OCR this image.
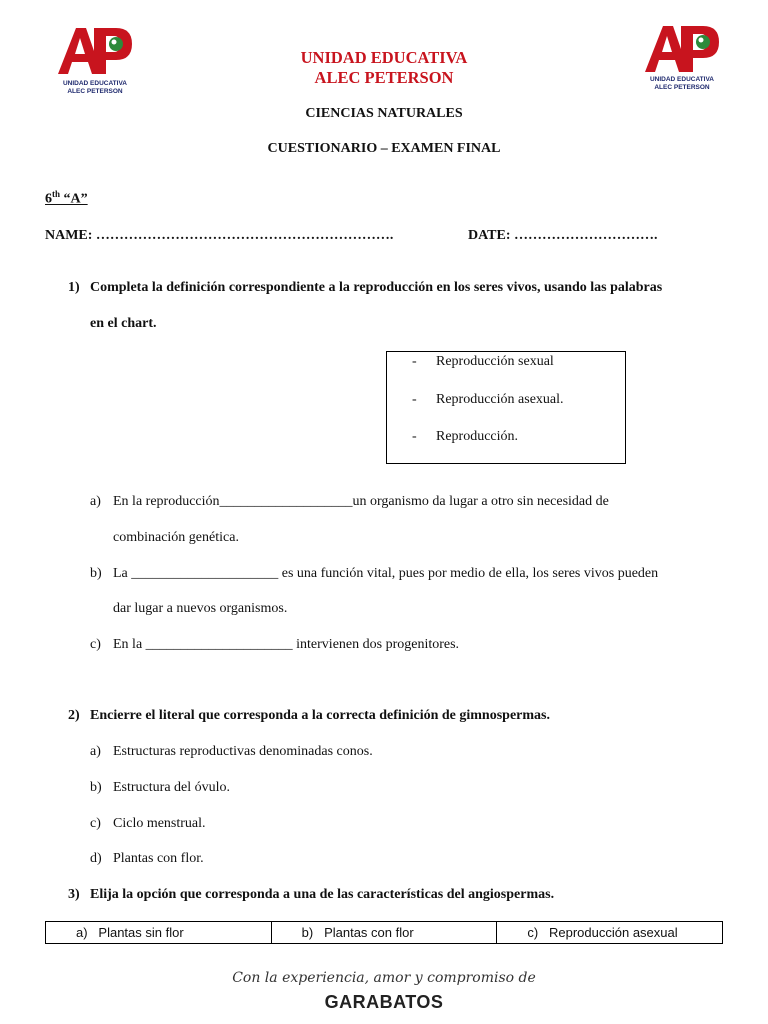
UNIDAD EDUCATIVA
ALEC PETERSON
UNIDAD EDUCATIVA
ALEC PETERSON
UNIDAD EDUCATIVA
ALEC PETERSON
CIENCIAS NATURALES
CUESTIONARIO – EXAMEN FINAL
6th “A”
NAME: ……………………………………………………….	DATE: ………………………….
1) Completa la definición correspondiente a la reproducción en los seres vivos, usando las palabras
en el chart.
- Reproducción sexual
- Reproducción asexual.
- Reproducción.
a) En la reproducción___________________un organismo da lugar a otro sin necesidad de
combinación genética.
b) La _____________________ es una función vital, pues por medio de ella, los seres vivos pueden
dar lugar a nuevos organismos.
c) En la _____________________ intervienen dos progenitores.
2) Encierre el literal que corresponda a la correcta definición de gimnospermas.
a) Estructuras reproductivas denominadas conos.
b) Estructura del óvulo.
c) Ciclo menstrual.
d) Plantas con flor.
3) Elija la opción que corresponda a una de las características del angiospermas.
a) Plantas sin flor	b) Plantas con flor	c) Reproducción asexual
Con la experiencia, amor y compromiso de
GARABATOS
